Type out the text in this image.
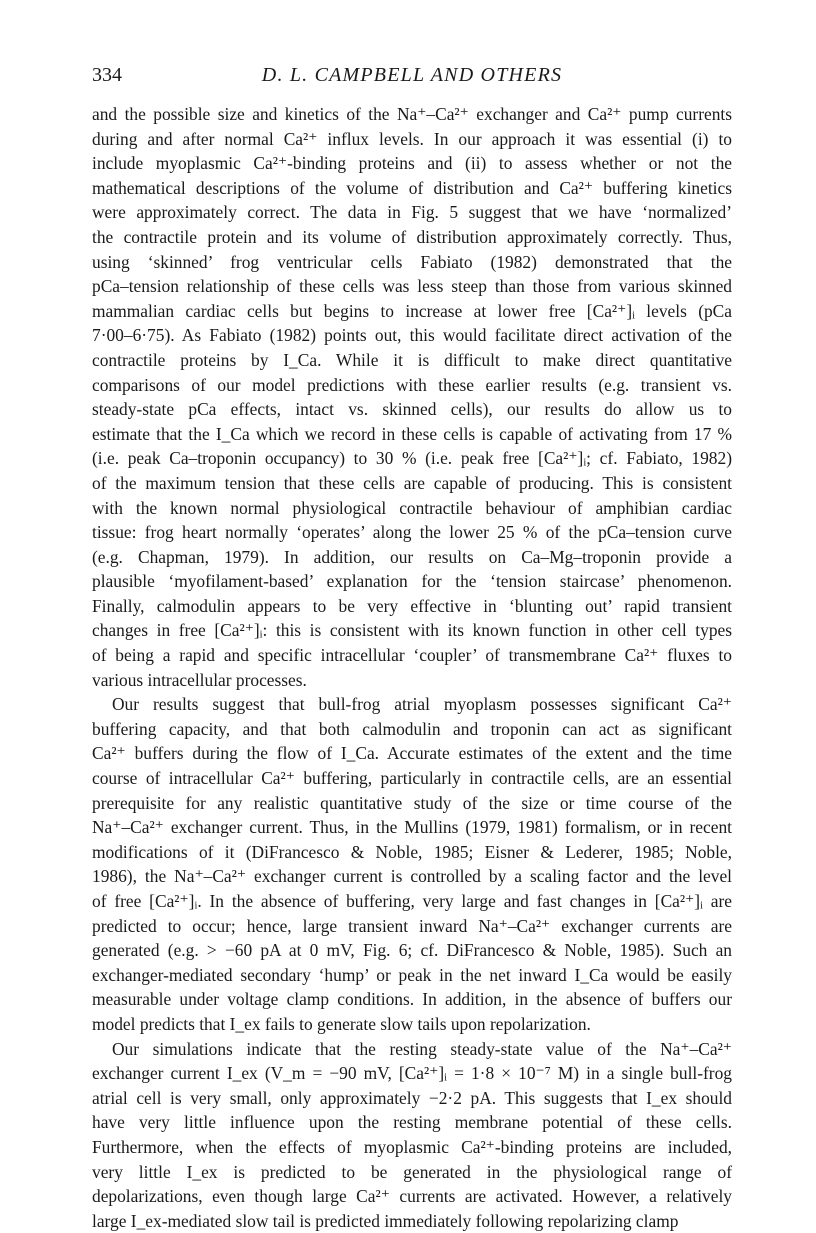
334	D. L. CAMPBELL AND OTHERS
and the possible size and kinetics of the Na⁺–Ca²⁺ exchanger and Ca²⁺ pump currents
during and after normal Ca²⁺ influx levels. In our approach it was essential (i) to
include myoplasmic Ca²⁺-binding proteins and (ii) to assess whether or not the
mathematical descriptions of the volume of distribution and Ca²⁺ buffering kinetics
were approximately correct. The data in Fig. 5 suggest that we have ‘normalized’
the contractile protein and its volume of distribution approximately correctly. Thus,
using ‘skinned’ frog ventricular cells Fabiato (1982) demonstrated that the
pCa–tension relationship of these cells was less steep than those from various skinned
mammalian cardiac cells but begins to increase at lower free [Ca²⁺]ᵢ levels (pCa
7·00–6·75). As Fabiato (1982) points out, this would facilitate direct activation of the
contractile proteins by I_Ca. While it is difficult to make direct quantitative
comparisons of our model predictions with these earlier results (e.g. transient vs.
steady-state pCa effects, intact vs. skinned cells), our results do allow us to
estimate that the I_Ca which we record in these cells is capable of activating from 17 %
(i.e. peak Ca–troponin occupancy) to 30 % (i.e. peak free [Ca²⁺]ᵢ; cf. Fabiato, 1982)
of the maximum tension that these cells are capable of producing. This is consistent
with the known normal physiological contractile behaviour of amphibian cardiac
tissue: frog heart normally ‘operates’ along the lower 25 % of the pCa–tension curve
(e.g. Chapman, 1979). In addition, our results on Ca–Mg–troponin provide a
plausible ‘myofilament-based’ explanation for the ‘tension staircase’ phenomenon.
Finally, calmodulin appears to be very effective in ‘blunting out’ rapid transient
changes in free [Ca²⁺]ᵢ: this is consistent with its known function in other cell types
of being a rapid and specific intracellular ‘coupler’ of transmembrane Ca²⁺ fluxes to
various intracellular processes.
Our results suggest that bull-frog atrial myoplasm possesses significant Ca²⁺
buffering capacity, and that both calmodulin and troponin can act as significant
Ca²⁺ buffers during the flow of I_Ca. Accurate estimates of the extent and the time
course of intracellular Ca²⁺ buffering, particularly in contractile cells, are an essential
prerequisite for any realistic quantitative study of the size or time course of the
Na⁺–Ca²⁺ exchanger current. Thus, in the Mullins (1979, 1981) formalism, or in recent
modifications of it (DiFrancesco & Noble, 1985; Eisner & Lederer, 1985; Noble,
1986), the Na⁺–Ca²⁺ exchanger current is controlled by a scaling factor and the level
of free [Ca²⁺]ᵢ. In the absence of buffering, very large and fast changes in [Ca²⁺]ᵢ are
predicted to occur; hence, large transient inward Na⁺–Ca²⁺ exchanger currents are
generated (e.g. > −60 pA at 0 mV, Fig. 6; cf. DiFrancesco & Noble, 1985). Such an
exchanger-mediated secondary ‘hump’ or peak in the net inward I_Ca would be easily
measurable under voltage clamp conditions. In addition, in the absence of buffers our
model predicts that I_ex fails to generate slow tails upon repolarization.
Our simulations indicate that the resting steady-state value of the Na⁺–Ca²⁺
exchanger current I_ex (V_m = −90 mV, [Ca²⁺]ᵢ = 1·8 × 10⁻⁷ M) in a single bull-frog
atrial cell is very small, only approximately −2·2 pA. This suggests that I_ex should
have very little influence upon the resting membrane potential of these cells.
Furthermore, when the effects of myoplasmic Ca²⁺-binding proteins are included,
very little I_ex is predicted to be generated in the physiological range of
depolarizations, even though large Ca²⁺ currents are activated. However, a relatively
large I_ex-mediated slow tail is predicted immediately following repolarizing clamp
